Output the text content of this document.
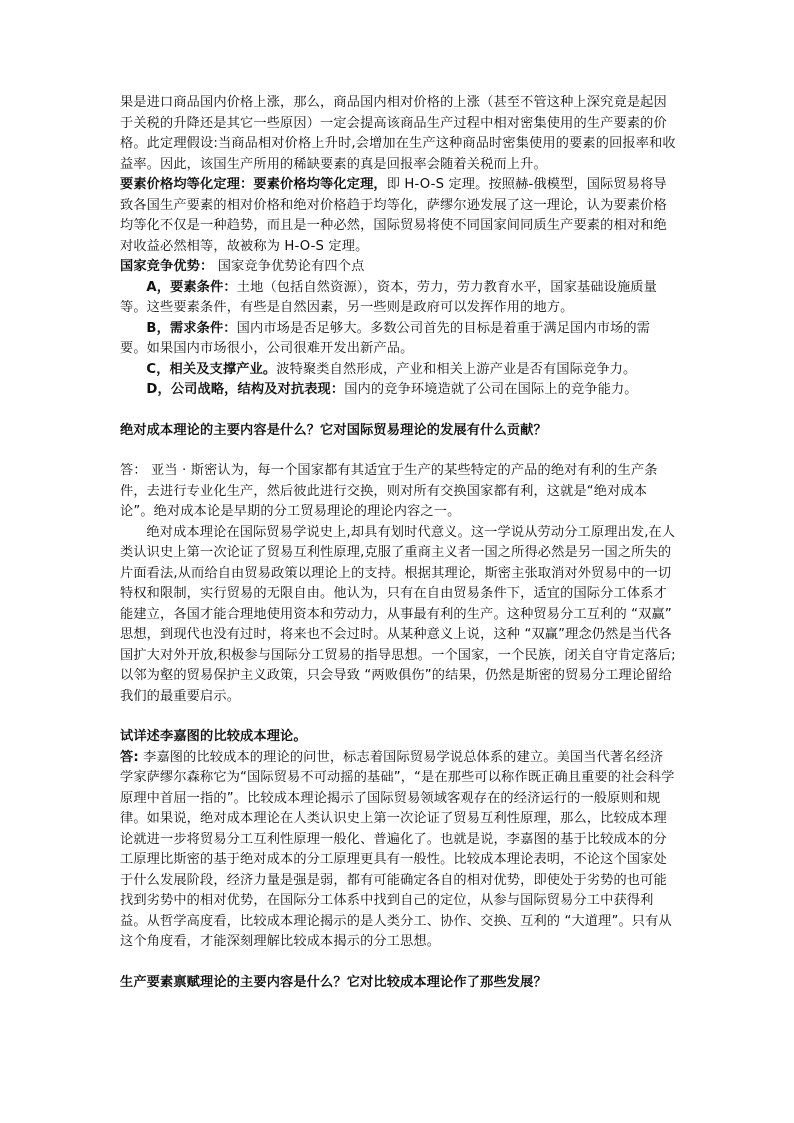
果是进口商品国内价格上涨，那么，商品国内相对价格的上涨（甚至不管这种上深究竟是起因于关税的升降还是其它一些原因）一定会提高该商品生产过程中相对密集使用的生产要素的价格。此定理假设:当商品相对价格上升时,会增加在生产这种商品时密集使用的要素的回报率和收益率。因此，该国生产所用的稀缺要素的真是回报率会随着关税而上升。

要素价格均等化定理：要素价格均等化定理，即 H-O-S 定理。按照赫-俄模型，国际贸易将导致各国生产要素的相对价格和绝对价格趋于均等化，萨缪尔逊发展了这一理论，认为要素价格均等化不仅是一种趋势，而且是一种必然，国际贸易将使不同国家间同质生产要素的相对和绝对收益必然相等，故被称为 H-O-S 定理。

国家竞争优势： 国家竞争优势论有四个点

A，要素条件：土地（包括自然资源），资本，劳力，劳力教育水平，国家基础设施质量等。这些要素条件，有些是自然因素，另一些则是政府可以发挥作用的地方。

B，需求条件：国内市场是否足够大。多数公司首先的目标是着重于满足国内市场的需要。如果国内市场很小，公司很难开发出新产品。

C，相关及支撑产业。波特聚类自然形成，产业和相关上游产业是否有国际竞争力。

D，公司战略，结构及对抗表现：国内的竞争环境造就了公司在国际上的竞争能力。

绝对成本理论的主要内容是什么？它对国际贸易理论的发展有什么贡献？

答： 亚当 · 斯密认为，每一个国家都有其适宜于生产的某些特定的产品的绝对有利的生产条件，去进行专业化生产，然后彼此进行交换，则对所有交换国家都有利，这就是“绝对成本论”。绝对成本论是早期的分工贸易理论的理论内容之一。

绝对成本理论在国际贸易学说史上,却具有划时代意义。这一学说从劳动分工原理出发,在人类认识史上第一次论证了贸易互利性原理,克服了重商主义者一国之所得必然是另一国之所失的片面看法,从而给自由贸易政策以理论上的支持。根据其理论，斯密主张取消对外贸易中的一切特权和限制，实行贸易的无限自由。他认为，只有在自由贸易条件下，适宜的国际分工体系才能建立，各国才能合理地使用资本和劳动力，从事最有利的生产。这种贸易分工互利的 “双赢” 思想，到现代也没有过时，将来也不会过时。从某种意义上说，这种 “双赢”理念仍然是当代各国扩大对外开放,积极参与国际分工贸易的指导思想。一个国家，一个民族，闭关自守肯定落后; 以邻为壑的贸易保护主义政策，只会导致 “两败俱伤”的结果，仍然是斯密的贸易分工理论留给我们的最重要启示。

试详述李嘉图的比较成本理论。

答: 李嘉图的比较成本的理论的问世，标志着国际贸易学说总体系的建立。美国当代著名经济学家萨缪尔森称它为“国际贸易不可动摇的基础”，“是在那些可以称作既正确且重要的社会科学原理中首屈一指的”。比较成本理论揭示了国际贸易领域客观存在的经济运行的一般原则和规律。如果说，绝对成本理论在人类认识史上第一次论证了贸易互利性原理，那么，比较成本理论就进一步将贸易分工互利性原理一般化、普遍化了。也就是说，李嘉图的基于比较成本的分工原理比斯密的基于绝对成本的分工原理更具有一般性。比较成本理论表明，不论这个国家处于什么发展阶段，经济力量是强是弱，都有可能确定各自的相对优势，即使处于劣势的也可能找到劣势中的相对优势，在国际分工体系中找到自己的定位，从参与国际贸易分工中获得利益。从哲学高度看，比较成本理论揭示的是人类分工、协作、交换、互利的 “大道理”。只有从这个角度看，才能深刻理解比较成本揭示的分工思想。

生产要素禀赋理论的主要内容是什么？它对比较成本理论作了那些发展？
